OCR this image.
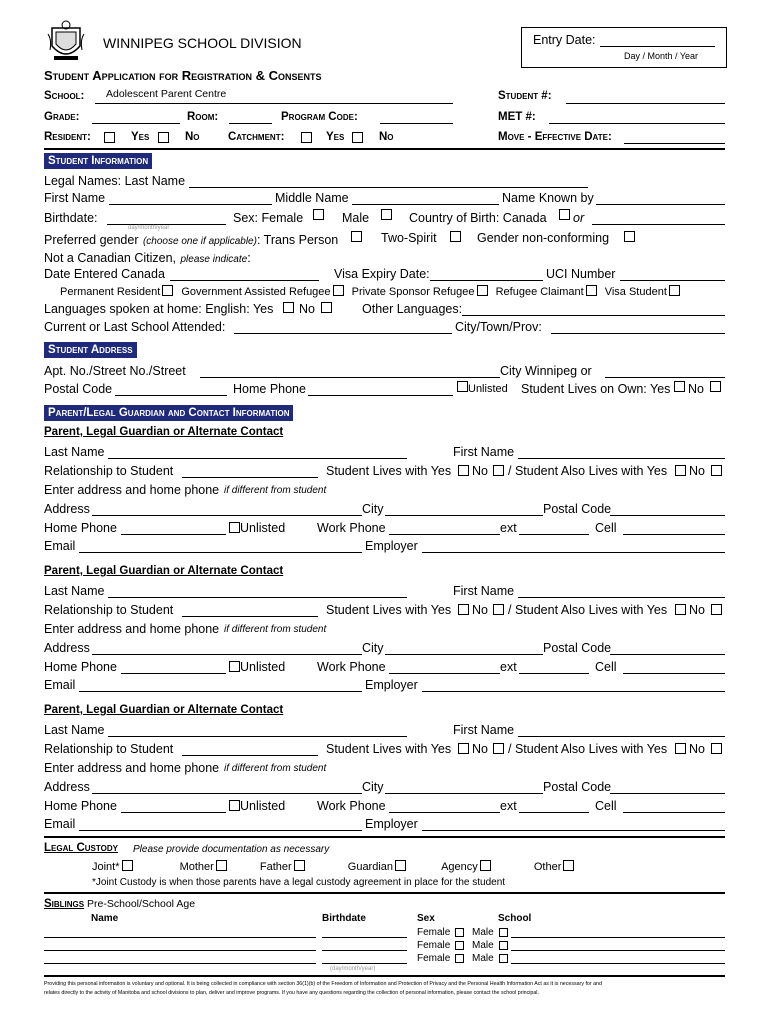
WINNIPEG SCHOOL DIVISION	Entry Date:
Day / Month / Year
Student Application for Registration & Consents
School: Adolescent Parent Centre	Student #:
Grade:	Room:	Program Code:	MET #:
Resident:	Yes	No Catchment:	Yes	No	Move - Effective Date:
Student Information
Legal Names: Last Name
First Name	Middle Name	Name Known by
Birthdate:
day/month/year
Sex: Female	Male	Country of Birth: Canada or
Preferred gender (choose one if applicable): Trans Person	Two-Spirit	Gender non-conforming
Not a Canadian Citizen, please indicate:
Date Entered Canada	Visa Expiry Date:	UCI Number
Permanent Resident Government Assisted Refugee Private Sponsor Refugee Refugee Claimant Visa Student
Languages spoken at home: English: Yes No	Other Languages:
Current or Last School Attended:	City/Town/Prov:
Student Address
Apt. No./Street No./Street	City Winnipeg or
Postal Code	Home Phone	Unlisted Student Lives on Own: Yes No
Parent/Legal Guardian and Contact Information
Parent, Legal Guardian or Alternate Contact
Last Name	First Name
Relationship to Student	Student Lives with Yes No / Student Also Lives with Yes No
Enter address and home phone if different from student
Address	City	Postal Code
Home Phone	Unlisted	Work Phone	ext	Cell
Email	Employer
Parent, Legal Guardian or Alternate Contact
Last Name	First Name
Relationship to Student	Student Lives with Yes No / Student Also Lives with Yes No
Enter address and home phone if different from student
Address	City	Postal Code
Home Phone	Unlisted	Work Phone	ext	Cell
Email	Employer
Parent, Legal Guardian or Alternate Contact
Last Name	First Name
Relationship to Student	Student Lives with Yes No / Student Also Lives with Yes No
Enter address and home phone if different from student
Address	City	Postal Code
Home Phone	Unlisted	Work Phone	ext	Cell
Email	Employer
Legal Custody Please provide documentation as necessary
Joint*	Mother	Father	Guardian	Agency	Other
*Joint Custody is when those parents have a legal custody agreement in place for the student
Siblings Pre-School/School Age
Name	Birthdate	Sex	School
Female Male
Female Male
Female Male
(day/month/year)
Providing this personal information is voluntary and optional. It is being collected in compliance with section 36(1)(b) of the Freedom of Information and Protection of Privacy and the Personal Health Information Act as it is necessary for and
relates directly to the activity of Manitoba and school divisions to plan, deliver and improve programs. If you have any questions regarding the collection of personal information, please contact the school principal.
